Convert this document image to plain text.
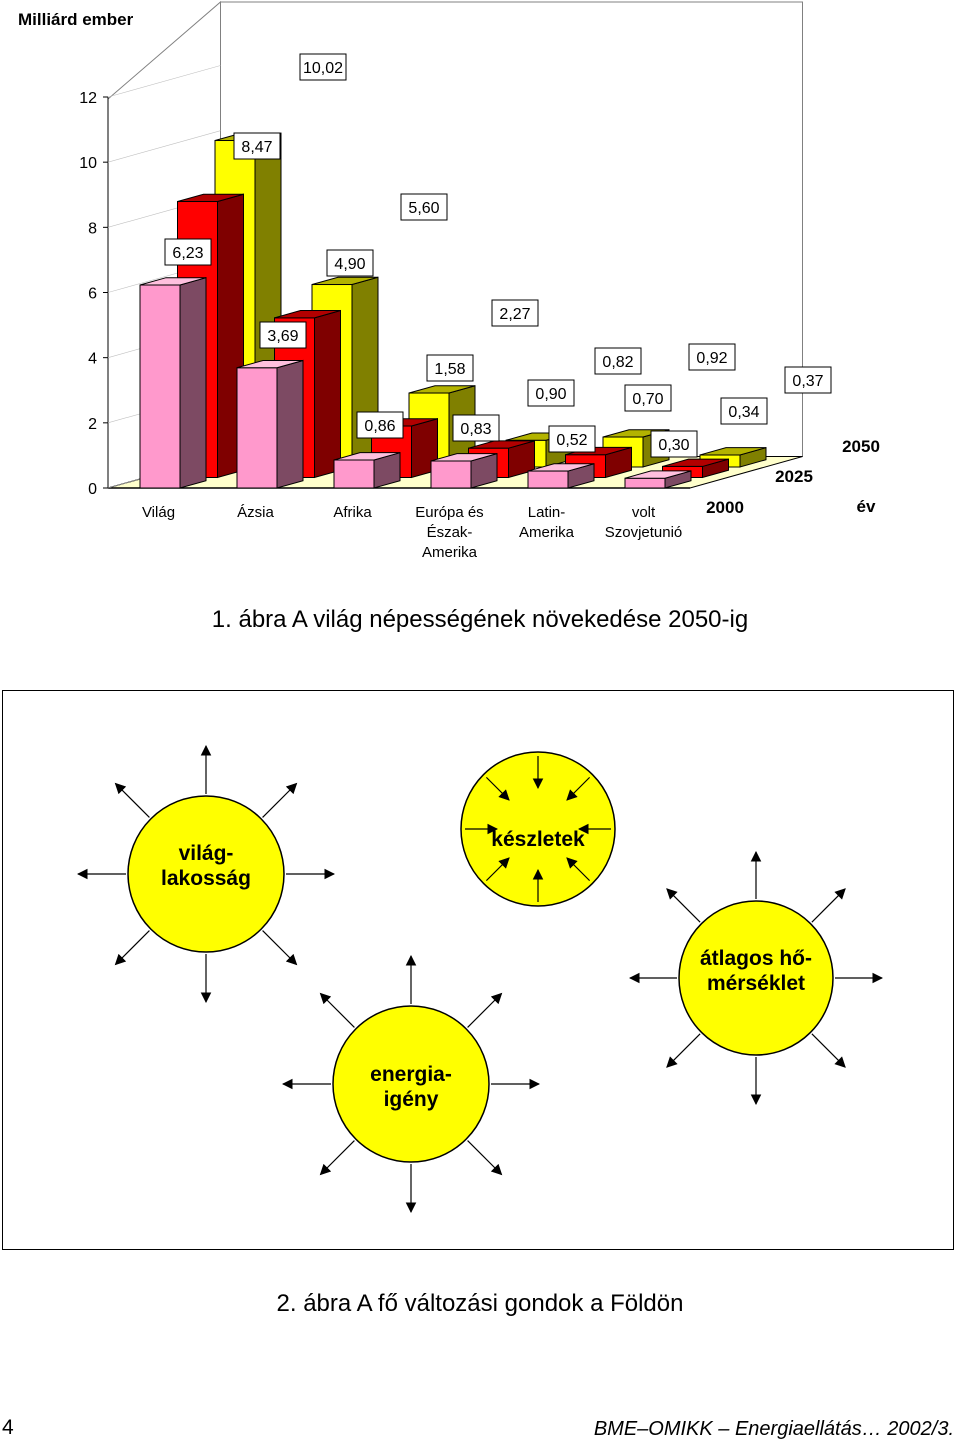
0
2
4
6
8
10
12
Milliárd ember
Világ	Ázsia	Afrika	Európa és
Észak-
Amerika
Latin-
Amerika
volt
Szovjetunió
2000
2025
2050
év
6,23
3,69
0,86	0,83
0,52	0,30
8,47
4,90
1,58
0,90	0,70
0,34
10,02
5,60
2,27
0,82	0,92
0,37
1. ábra A világ népességének növekedése 2050-ig
világ-
lakosság
készletek
átlagos hő-
mérséklet
energia-
igény
2. ábra A fő változási gondok a Földön
4	BME–OMIKK – Energiaellátás… 2002/3.
